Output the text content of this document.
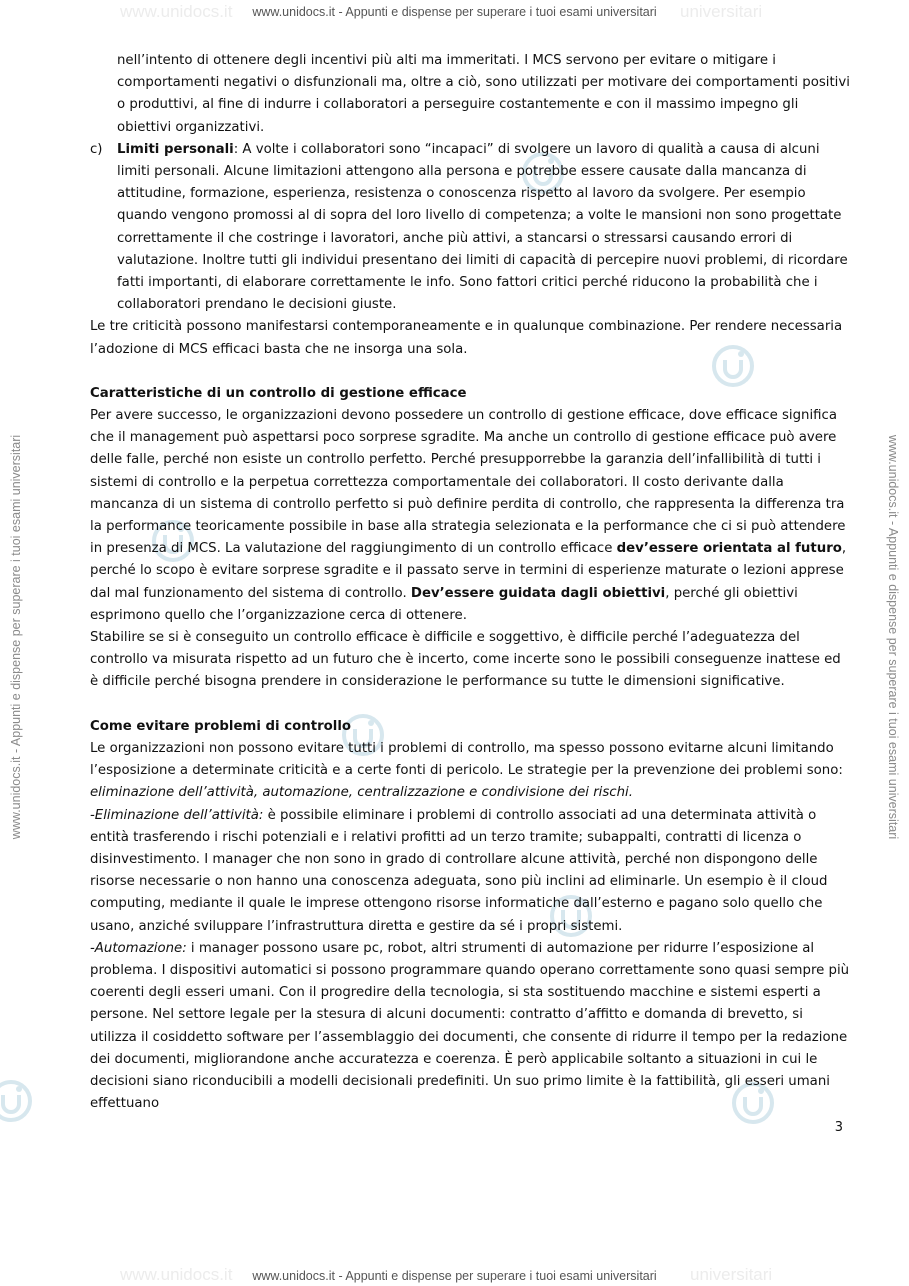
www.unidocs.it	universitari
www.unidocs.it - Appunti e dispense per superare i tuoi esami universitari
www.unidocs.it	universitari
www.unidocs.it - Appunti e dispense per superare i tuoi esami universitari
www.unidocs.it - Appunti e dispense per superare i tuoi esami universitari	www.unidocs.it - Appunti e dispense per superare i tuoi esami universitari

nell’intento di ottenere degli incentivi più alti ma immeritati. I MCS servono per evitare o mitigare i comportamenti negativi o disfunzionali ma, oltre a ciò, sono utilizzati per motivare dei comportamenti positivi o produttivi, al fine di indurre i collaboratori a perseguire costantemente e con il massimo impegno gli obiettivi organizzativi.

c) Limiti personali: A volte i collaboratori sono “incapaci” di svolgere un lavoro di qualità a causa di alcuni limiti personali. Alcune limitazioni attengono alla persona e potrebbe essere causate dalla mancanza di attitudine, formazione, esperienza, resistenza o conoscenza rispetto al lavoro da svolgere. Per esempio quando vengono promossi al di sopra del loro livello di competenza; a volte le mansioni non sono progettate correttamente il che costringe i lavoratori, anche più attivi, a stancarsi o stressarsi causando errori di valutazione. Inoltre tutti gli individui presentano dei limiti di capacità di percepire nuovi problemi, di ricordare fatti importanti, di elaborare correttamente le info. Sono fattori critici perché riducono la probabilità che i collaboratori prendano le decisioni giuste.

Le tre criticità possono manifestarsi contemporaneamente e in qualunque combinazione. Per rendere necessaria l’adozione di MCS efficaci basta che ne insorga una sola.

Caratteristiche di un controllo di gestione efficace

Per avere successo, le organizzazioni devono possedere un controllo di gestione efficace, dove efficace significa che il management può aspettarsi poco sorprese sgradite. Ma anche un controllo di gestione efficace può avere delle falle, perché non esiste un controllo perfetto. Perché presupporrebbe la garanzia dell’infallibilità di tutti i sistemi di controllo e la perpetua correttezza comportamentale dei collaboratori. Il costo derivante dalla mancanza di un sistema di controllo perfetto si può definire perdita di controllo, che rappresenta la differenza tra la performance teoricamente possibile in base alla strategia selezionata e la performance che ci si può attendere in presenza di MCS. La valutazione del raggiungimento di un controllo efficace dev’essere orientata al futuro, perché lo scopo è evitare sorprese sgradite e il passato serve in termini di esperienze maturate o lezioni apprese dal mal funzionamento del sistema di controllo. Dev’essere guidata dagli obiettivi, perché gli obiettivi esprimono quello che l’organizzazione cerca di ottenere.

Stabilire se si è conseguito un controllo efficace è difficile e soggettivo, è difficile perché l’adeguatezza del controllo va misurata rispetto ad un futuro che è incerto, come incerte sono le possibili conseguenze inattese ed è difficile perché bisogna prendere in considerazione le performance su tutte le dimensioni significative.

Come evitare problemi di controllo

Le organizzazioni non possono evitare tutti i problemi di controllo, ma spesso possono evitarne alcuni limitando l’esposizione a determinate criticità e a certe fonti di pericolo. Le strategie per la prevenzione dei problemi sono:

eliminazione dell’attività, automazione, centralizzazione e condivisione dei rischi.

-Eliminazione dell’attività: è possibile eliminare i problemi di controllo associati ad una determinata attività o entità trasferendo i rischi potenziali e i relativi profitti ad un terzo tramite; subappalti, contratti di licenza o disinvestimento. I manager che non sono in grado di controllare alcune attività, perché non dispongono delle risorse necessarie o non hanno una conoscenza adeguata, sono più inclini ad eliminarle. Un esempio è il cloud computing, mediante il quale le imprese ottengono risorse informatiche dall’esterno e pagano solo quello che usano, anziché sviluppare l’infrastruttura diretta e gestire da sé i propri sistemi.

-Automazione: i manager possono usare pc, robot, altri strumenti di automazione per ridurre l’esposizione al problema. I dispositivi automatici si possono programmare quando operano correttamente sono quasi sempre più coerenti degli esseri umani. Con il progredire della tecnologia, si sta sostituendo macchine e sistemi esperti a persone. Nel settore legale per la stesura di alcuni documenti: contratto d’affitto e domanda di brevetto, si utilizza il cosiddetto software per l’assemblaggio dei documenti, che consente di ridurre il tempo per la redazione dei documenti, migliorandone anche accuratezza e coerenza. È però applicabile soltanto a situazioni in cui le decisioni siano riconducibili a modelli decisionali predefiniti. Un suo primo limite è la fattibilità, gli esseri umani effettuano

3
